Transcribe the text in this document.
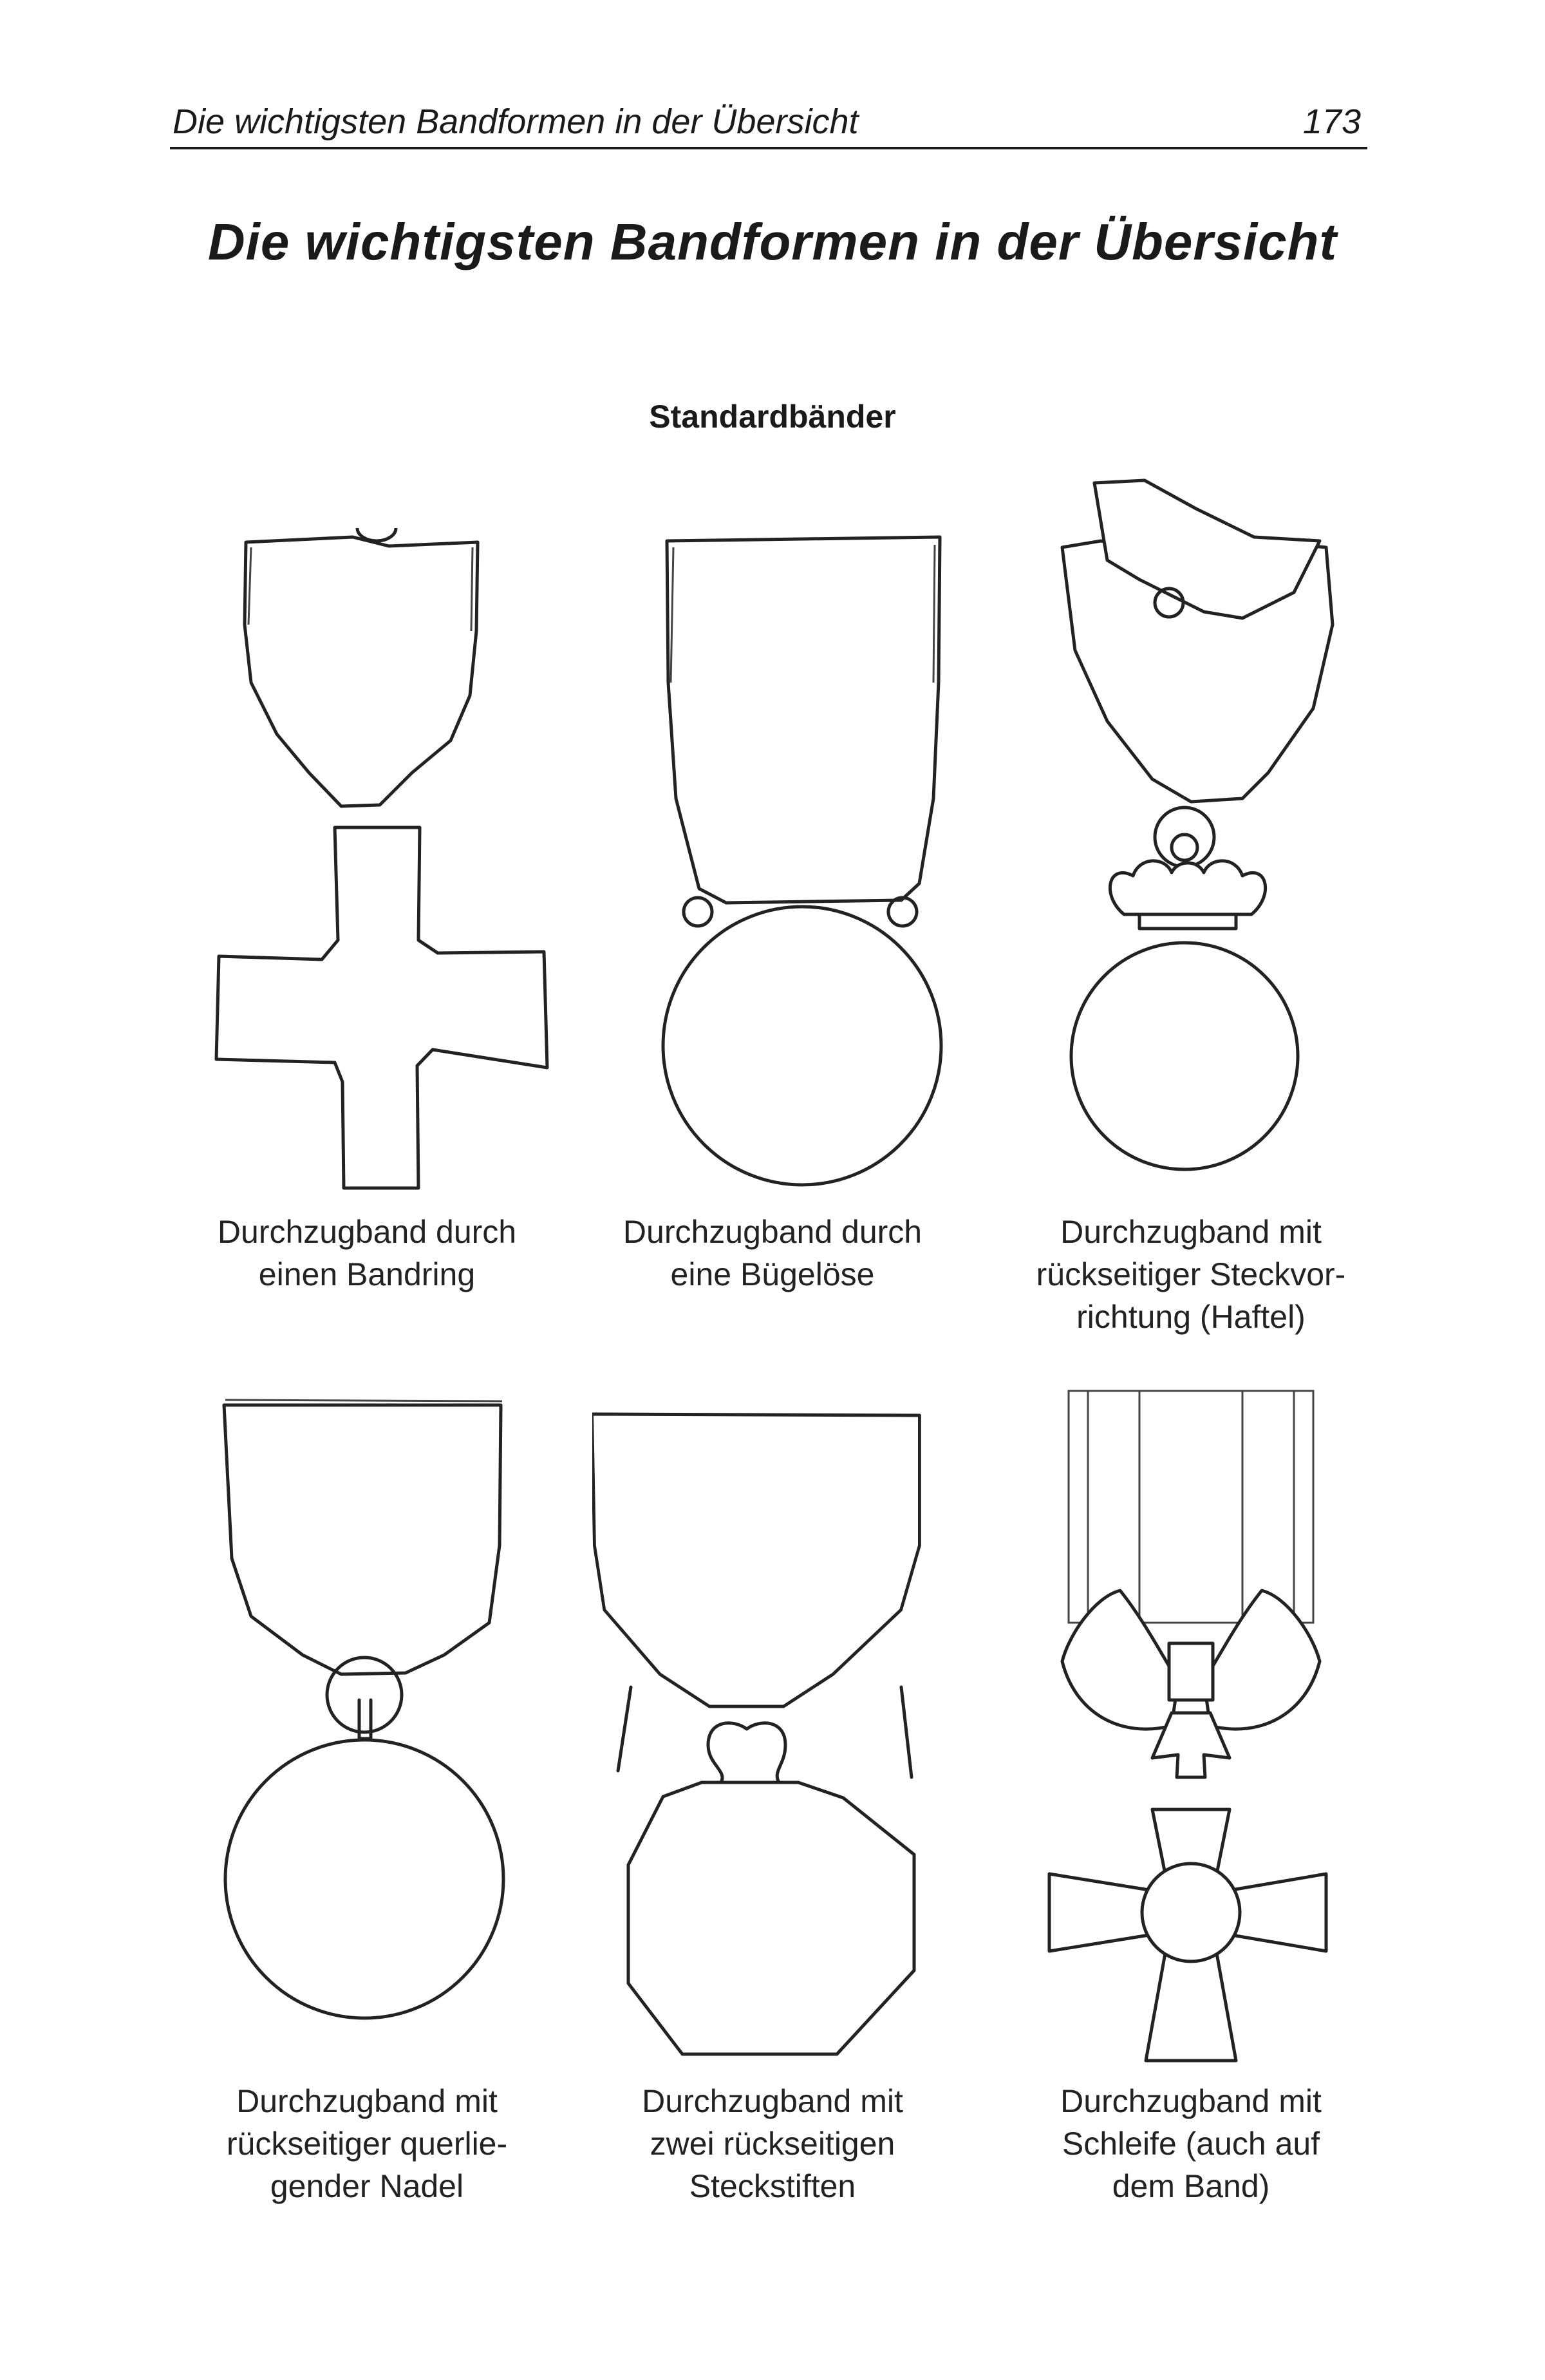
Die wichtigsten Bandformen in der Übersicht	173
Die wichtigsten Bandformen in der Übersicht
Standardbänder
Durchzugband durch
einen Bandring
Durchzugband durch
eine Bügelöse
Durchzugband mit
rückseitiger Steckvor-
richtung (Haftel)
Durchzugband mit
rückseitiger querlie-
gender Nadel
Durchzugband mit
zwei rückseitigen
Steckstiften
Durchzugband mit
Schleife (auch auf
dem Band)
